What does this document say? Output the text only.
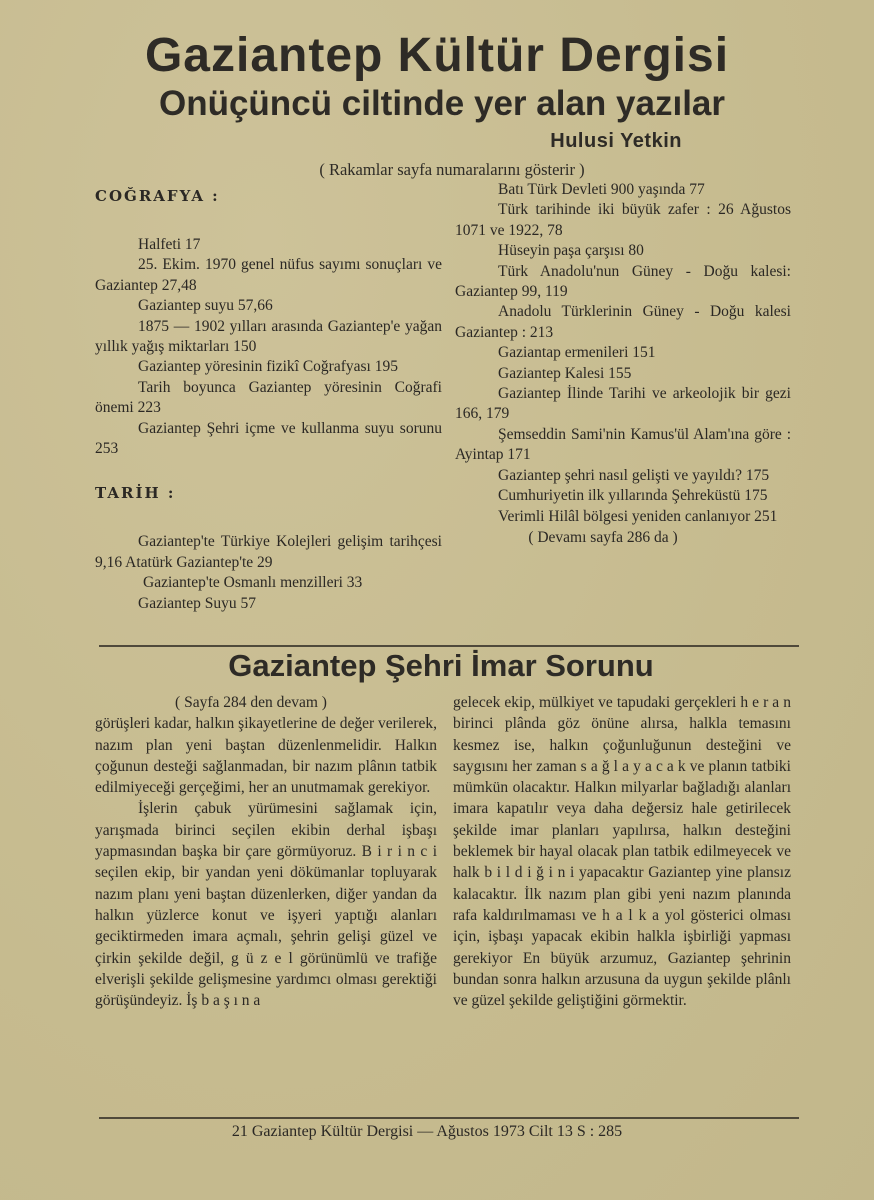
Gaziantep Kültür Dergisi
Onüçüncü ciltinde yer alan yazılar
Hulusi Yetkin
( Rakamlar sayfa numaralarını gösterir )
COĞRAFYA :

Halfeti 17

25. Ekim. 1970 genel nüfus sayımı sonuçları ve Gaziantep 27,48

Gaziantep suyu 57,66

1875 — 1902 yılları arasında Gaziantep'e yağan yıllık yağış miktarları 150

Gaziantep yöresinin fizikî Coğrafyası 195

Tarih boyunca Gaziantep yöresinin Coğrafi önemi 223

Gaziantep Şehri içme ve kullanma suyu sorunu 253

TARİH :

Gaziantep'te Türkiye Kolejleri gelişim tarihçesi 9,16 Atatürk Gaziantep'te 29

Gaziantep'te Osmanlı menzilleri 33

Gaziantep Suyu 57

Batı Türk Devleti 900 yaşında 77

Türk tarihinde iki büyük zafer : 26 Ağustos 1071 ve 1922, 78

Hüseyin paşa çarşısı 80

Türk Anadolu'nun Güney - Doğu kalesi: Gaziantep 99, 119

Anadolu Türklerinin Güney - Doğu kalesi Gaziantep : 213

Gaziantap ermenileri 151

Gaziantep Kalesi 155

Gaziantep İlinde Tarihi ve arkeolojik bir gezi 166, 179

Şemseddin Sami'nin Kamus'ül Alam'ına göre : Ayintap 171

Gaziantep şehri nasıl gelişti ve yayıldı? 175

Cumhuriyetin ilk yıllarında Şehreküstü 175

Verimli Hilâl bölgesi yeniden canlanıyor 251

( Devamı sayfa 286 da )

Gaziantep Şehri İmar Sorunu

( Sayfa 284 den devam )

görüşleri kadar, halkın şikayetlerine de değer verilerek, nazım plan yeni baştan düzenlenmelidir. Halkın çoğunun desteği sağlanmadan, bir nazım plânın tatbik edilmiyeceği gerçeğimi, her an unutmamak gerekiyor.

İşlerin çabuk yürümesini sağlamak için, yarışmada birinci seçilen ekibin derhal işbaşı yapmasından başka bir çare görmüyoruz. B i r i n c i seçilen ekip, bir yandan yeni dökümanlar topluyarak nazım planı yeni baştan düzenlerken, diğer yandan da halkın yüzlerce konut ve işyeri yaptığı alanları geciktirmeden imara açmalı, şehrin gelişi güzel ve çirkin şekilde değil, g ü z e l görünümlü ve trafiğe elverişli şekilde gelişmesine yardımcı olması gerektiği görüşündeyiz. İş b a ş ı n a

gelecek ekip, mülkiyet ve tapudaki gerçekleri h e r a n birinci plânda göz önüne alırsa, halkla temasını kesmez ise, halkın çoğunluğunun desteğini ve saygısını her zaman s a ğ l a y a c a k ve planın tatbiki mümkün olacaktır. Halkın milyarlar bağladığı alanları imara kapatılır veya daha değersiz hale getirilecek şekilde imar planları yapılırsa, halkın desteğini beklemek bir hayal olacak plan tatbik edilmeyecek ve halk b i l d i ğ i n i yapacaktır Gaziantep yine plansız kalacaktır. İlk nazım plan gibi yeni nazım planında rafa kaldırılmaması ve h a l k a yol gösterici olması için, işbaşı yapacak ekibin halkla işbirliği yapması gerekiyor En büyük arzumuz, Gaziantep şehrinin bundan sonra halkın arzusuna da uygun şekilde plânlı ve güzel şekilde geliştiğini görmektir.

21 Gaziantep Kültür Dergisi — Ağustos 1973 Cilt 13 S : 285
